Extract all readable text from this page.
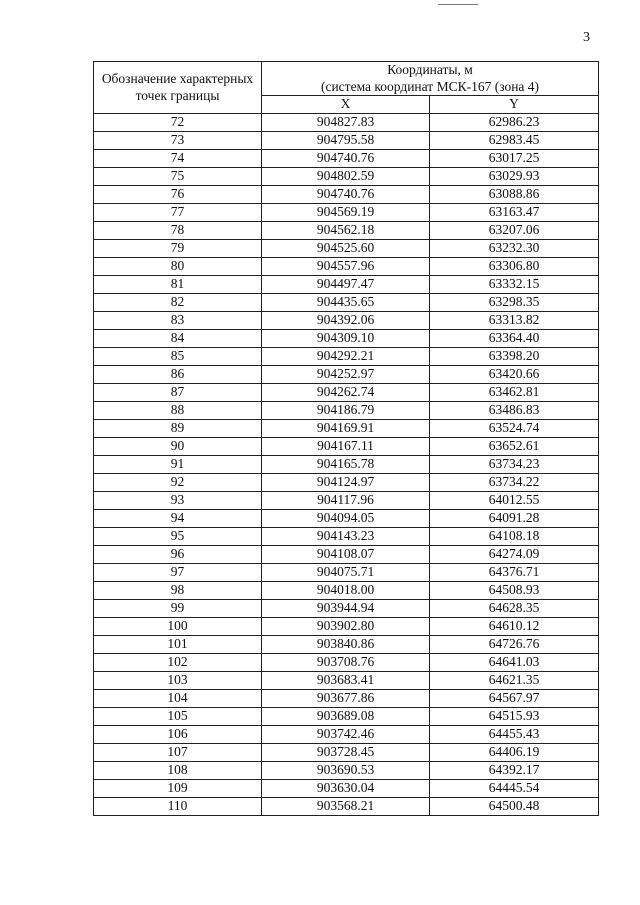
3
Обозначение характерных точек границы	Координаты, м
(система координат МСК-167 (зона 4)	

	X	Y
72	904827.83	62986.23
73	904795.58	62983.45
74	904740.76	63017.25
75	904802.59	63029.93
76	904740.76	63088.86
77	904569.19	63163.47
78	904562.18	63207.06
79	904525.60	63232.30
80	904557.96	63306.80
81	904497.47	63332.15
82	904435.65	63298.35
83	904392.06	63313.82
84	904309.10	63364.40
85	904292.21	63398.20
86	904252.97	63420.66
87	904262.74	63462.81
88	904186.79	63486.83
89	904169.91	63524.74
90	904167.11	63652.61
91	904165.78	63734.23
92	904124.97	63734.22
93	904117.96	64012.55
94	904094.05	64091.28
95	904143.23	64108.18
96	904108.07	64274.09
97	904075.71	64376.71
98	904018.00	64508.93
99	903944.94	64628.35
100	903902.80	64610.12
101	903840.86	64726.76
102	903708.76	64641.03
103	903683.41	64621.35
104	903677.86	64567.97
105	903689.08	64515.93
106	903742.46	64455.43
107	903728.45	64406.19
108	903690.53	64392.17
109	903630.04	64445.54
110	903568.21	64500.48
